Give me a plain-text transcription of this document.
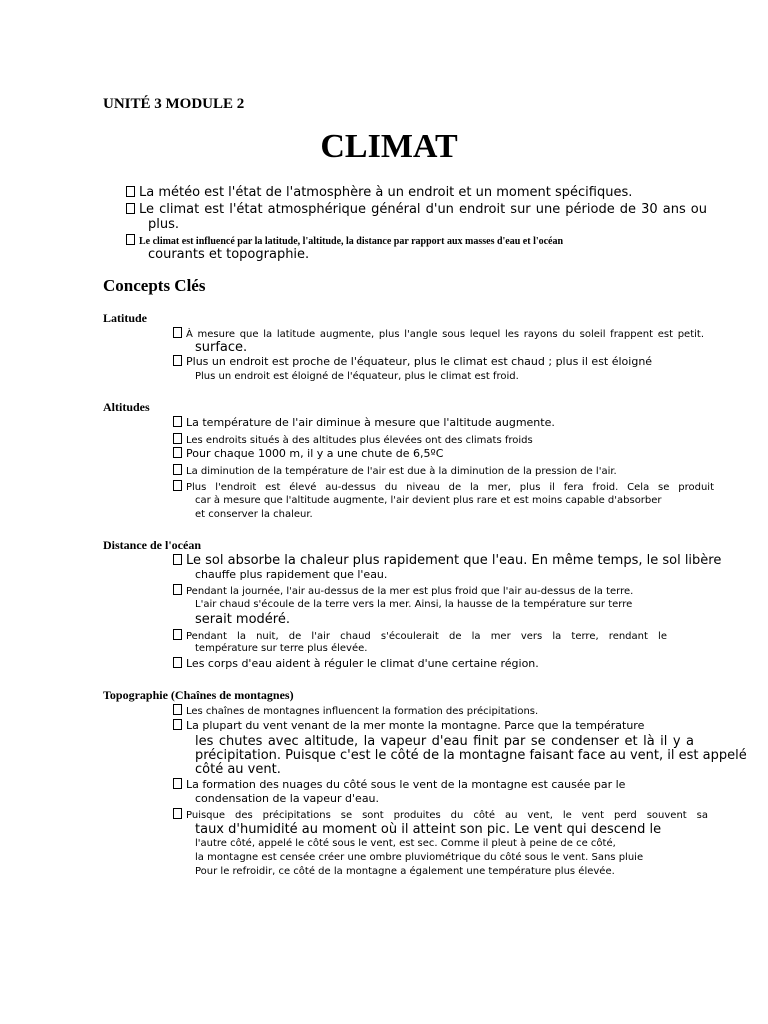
UNITÉ 3 MODULE 2
CLIMAT
La météo est l'état de l'atmosphère à un endroit et un moment spécifiques.
Le climat est l'état atmosphérique général d'un endroit sur une période de 30 ans ou
plus.
Le climat est influencé par la latitude, l'altitude, la distance par rapport aux masses d'eau et l'océan
courants et topographie.
Concepts Clés
Latitude
À mesure que la latitude augmente, plus l'angle sous lequel les rayons du soleil frappent est petit.
surface.
Plus un endroit est proche de l'équateur, plus le climat est chaud ; plus il est éloigné
Plus un endroit est éloigné de l'équateur, plus le climat est froid.
Altitudes
La température de l'air diminue à mesure que l'altitude augmente.
Les endroits situés à des altitudes plus élevées ont des climats froids
Pour chaque 1000 m, il y a une chute de 6,5ºC
La diminution de la température de l'air est due à la diminution de la pression de l'air.
Plus l'endroit est élevé au-dessus du niveau de la mer, plus il fera froid. Cela se produit
car à mesure que l'altitude augmente, l'air devient plus rare et est moins capable d'absorber
et conserver la chaleur.
Distance de l'océan
Le sol absorbe la chaleur plus rapidement que l'eau. En même temps, le sol libère
chauffe plus rapidement que l'eau.
Pendant la journée, l'air au-dessus de la mer est plus froid que l'air au-dessus de la terre.
L'air chaud s'écoule de la terre vers la mer. Ainsi, la hausse de la température sur terre
serait modéré.
Pendant la nuit, de l'air chaud s'écoulerait de la mer vers la terre, rendant le
température sur terre plus élevée.
Les corps d'eau aident à réguler le climat d'une certaine région.
Topographie (Chaînes de montagnes)
Les chaînes de montagnes influencent la formation des précipitations.
La plupart du vent venant de la mer monte la montagne. Parce que la température
les chutes avec altitude, la vapeur d'eau finit par se condenser et là il y a
précipitation. Puisque c'est le côté de la montagne faisant face au vent, il est appelé
côté au vent.
La formation des nuages du côté sous le vent de la montagne est causée par le
condensation de la vapeur d'eau.
Puisque des précipitations se sont produites du côté au vent, le vent perd souvent sa
taux d'humidité au moment où il atteint son pic. Le vent qui descend le
l'autre côté, appelé le côté sous le vent, est sec. Comme il pleut à peine de ce côté,
la montagne est censée créer une ombre pluviométrique du côté sous le vent. Sans pluie
Pour le refroidir, ce côté de la montagne a également une température plus élevée.
